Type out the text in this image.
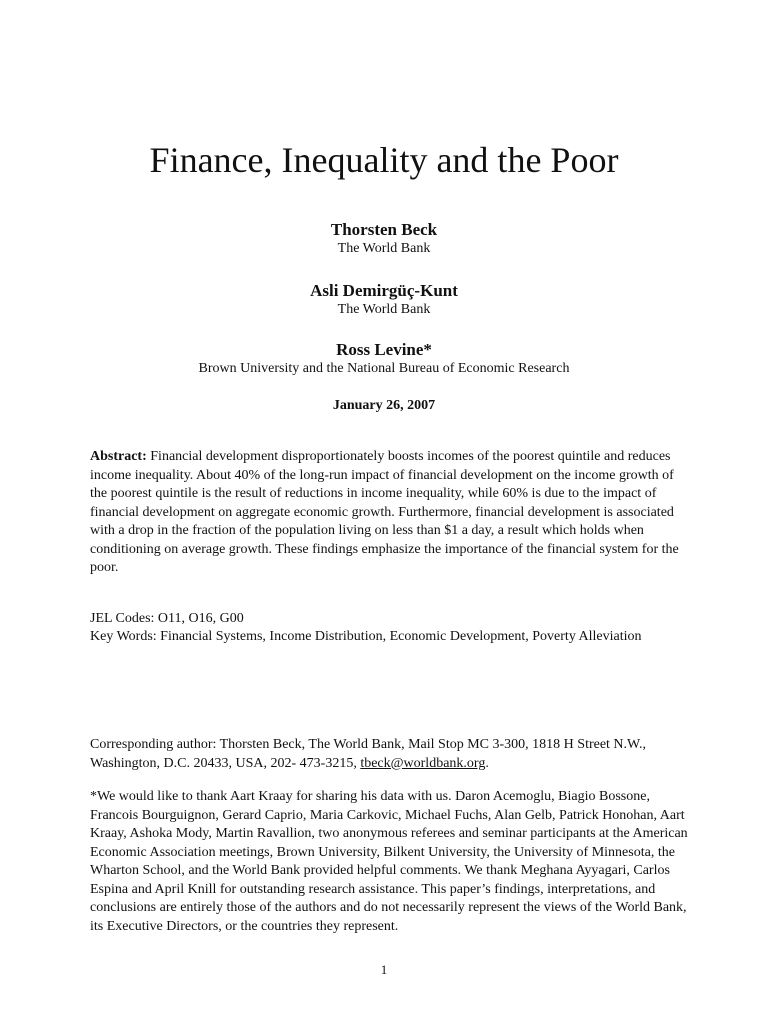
Finance, Inequality and the Poor
Thorsten Beck
The World Bank
Asli Demirgüç-Kunt
The World Bank
Ross Levine*
Brown University and the National Bureau of Economic Research
January 26, 2007

Abstract: Financial development disproportionately boosts incomes of the poorest quintile and reduces income inequality. About 40% of the long-run impact of financial development on the income growth of the poorest quintile is the result of reductions in income inequality, while 60% is due to the impact of financial development on aggregate economic growth. Furthermore, financial development is associated with a drop in the fraction of the population living on less than $1 a day, a result which holds when conditioning on average growth. These findings emphasize the importance of the financial system for the poor.

JEL Codes: O11, O16, G00

Key Words: Financial Systems, Income Distribution, Economic Development, Poverty Alleviation

Corresponding author: Thorsten Beck, The World Bank, Mail Stop MC 3-300, 1818 H Street N.W., Washington, D.C. 20433, USA, 202- 473-3215, tbeck@worldbank.org.

*We would like to thank Aart Kraay for sharing his data with us. Daron Acemoglu, Biagio Bossone, Francois Bourguignon, Gerard Caprio, Maria Carkovic, Michael Fuchs, Alan Gelb, Patrick Honohan, Aart Kraay, Ashoka Mody, Martin Ravallion, two anonymous referees and seminar participants at the American Economic Association meetings, Brown University, Bilkent University, the University of Minnesota, the Wharton School, and the World Bank provided helpful comments. We thank Meghana Ayyagari, Carlos Espina and April Knill for outstanding research assistance. This paper’s findings, interpretations, and conclusions are entirely those of the authors and do not necessarily represent the views of the World Bank, its Executive Directors, or the countries they represent.

1
